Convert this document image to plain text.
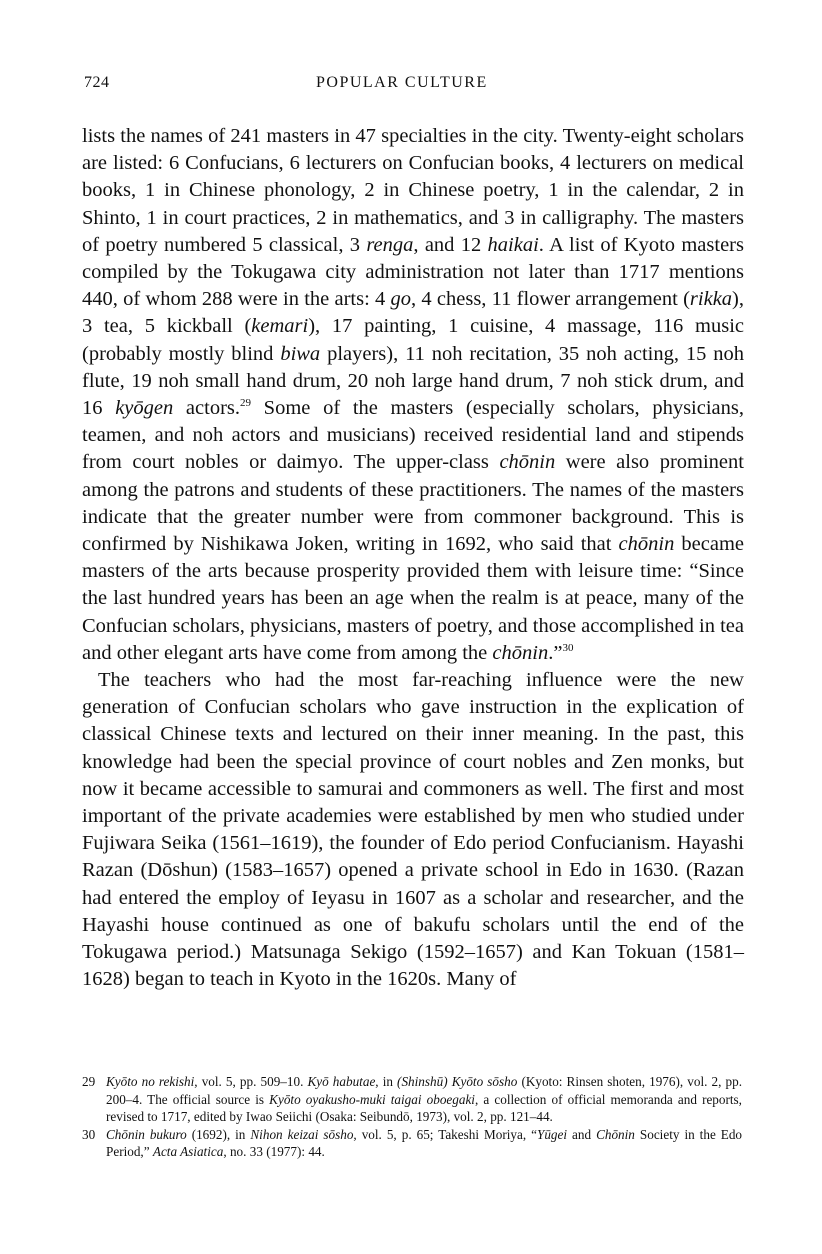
724	POPULAR CULTURE

lists the names of 241 masters in 47 specialties in the city. Twenty-eight scholars are listed: 6 Confucians, 6 lecturers on Confucian books, 4 lecturers on medical books, 1 in Chinese phonology, 2 in Chinese poetry, 1 in the calendar, 2 in Shinto, 1 in court practices, 2 in mathematics, and 3 in calligraphy. The masters of poetry numbered 5 classical, 3 renga, and 12 haikai. A list of Kyoto masters compiled by the Tokugawa city administration not later than 1717 mentions 440, of whom 288 were in the arts: 4 go, 4 chess, 11 flower arrangement (rikka), 3 tea, 5 kickball (kemari), 17 painting, 1 cuisine, 4 massage, 116 music (probably mostly blind biwa players), 11 noh recitation, 35 noh acting, 15 noh flute, 19 noh small hand drum, 20 noh large hand drum, 7 noh stick drum, and 16 kyōgen actors.$^{29}$ Some of the masters (especially scholars, physicians, teamen, and noh actors and musicians) received residential land and stipends from court nobles or daimyo. The upper-class chōnin were also prominent among the patrons and students of these practitioners. The names of the masters indicate that the greater number were from commoner background. This is confirmed by Nishikawa Joken, writing in 1692, who said that chōnin became masters of the arts because prosperity provided them with leisure time: “Since the last hundred years has been an age when the realm is at peace, many of the Confucian scholars, physicians, masters of poetry, and those accomplished in tea and other elegant arts have come from among the chōnin.”$^{30}$

The teachers who had the most far-reaching influence were the new generation of Confucian scholars who gave instruction in the explication of classical Chinese texts and lectured on their inner meaning. In the past, this knowledge had been the special province of court nobles and Zen monks, but now it became accessible to samurai and commoners as well. The first and most important of the private academies were established by men who studied under Fujiwara Seika (1561–1619), the founder of Edo period Confucianism. Hayashi Razan (Dōshun) (1583–1657) opened a private school in Edo in 1630. (Razan had entered the employ of Ieyasu in 1607 as a scholar and researcher, and the Hayashi house continued as one of bakufu scholars until the end of the Tokugawa period.) Matsunaga Sekigo (1592–1657) and Kan Tokuan (1581–1628) began to teach in Kyoto in the 1620s. Many of

29 Kyōto no rekishi, vol. 5, pp. 509–10. Kyō habutae, in (Shinshū) Kyōto sōsho (Kyoto: Rinsen shoten, 1976), vol. 2, pp. 200–4. The official source is Kyōto oyakusho-muki taigai oboegaki, a collection of official memoranda and reports, revised to 1717, edited by Iwao Seiichi (Osaka: Seibundō, 1973), vol. 2, pp. 121–44.

30 Chōnin bukuro (1692), in Nihon keizai sōsho, vol. 5, p. 65; Takeshi Moriya, “Yūgei and Chōnin Society in the Edo Period,” Acta Asiatica, no. 33 (1977): 44.
